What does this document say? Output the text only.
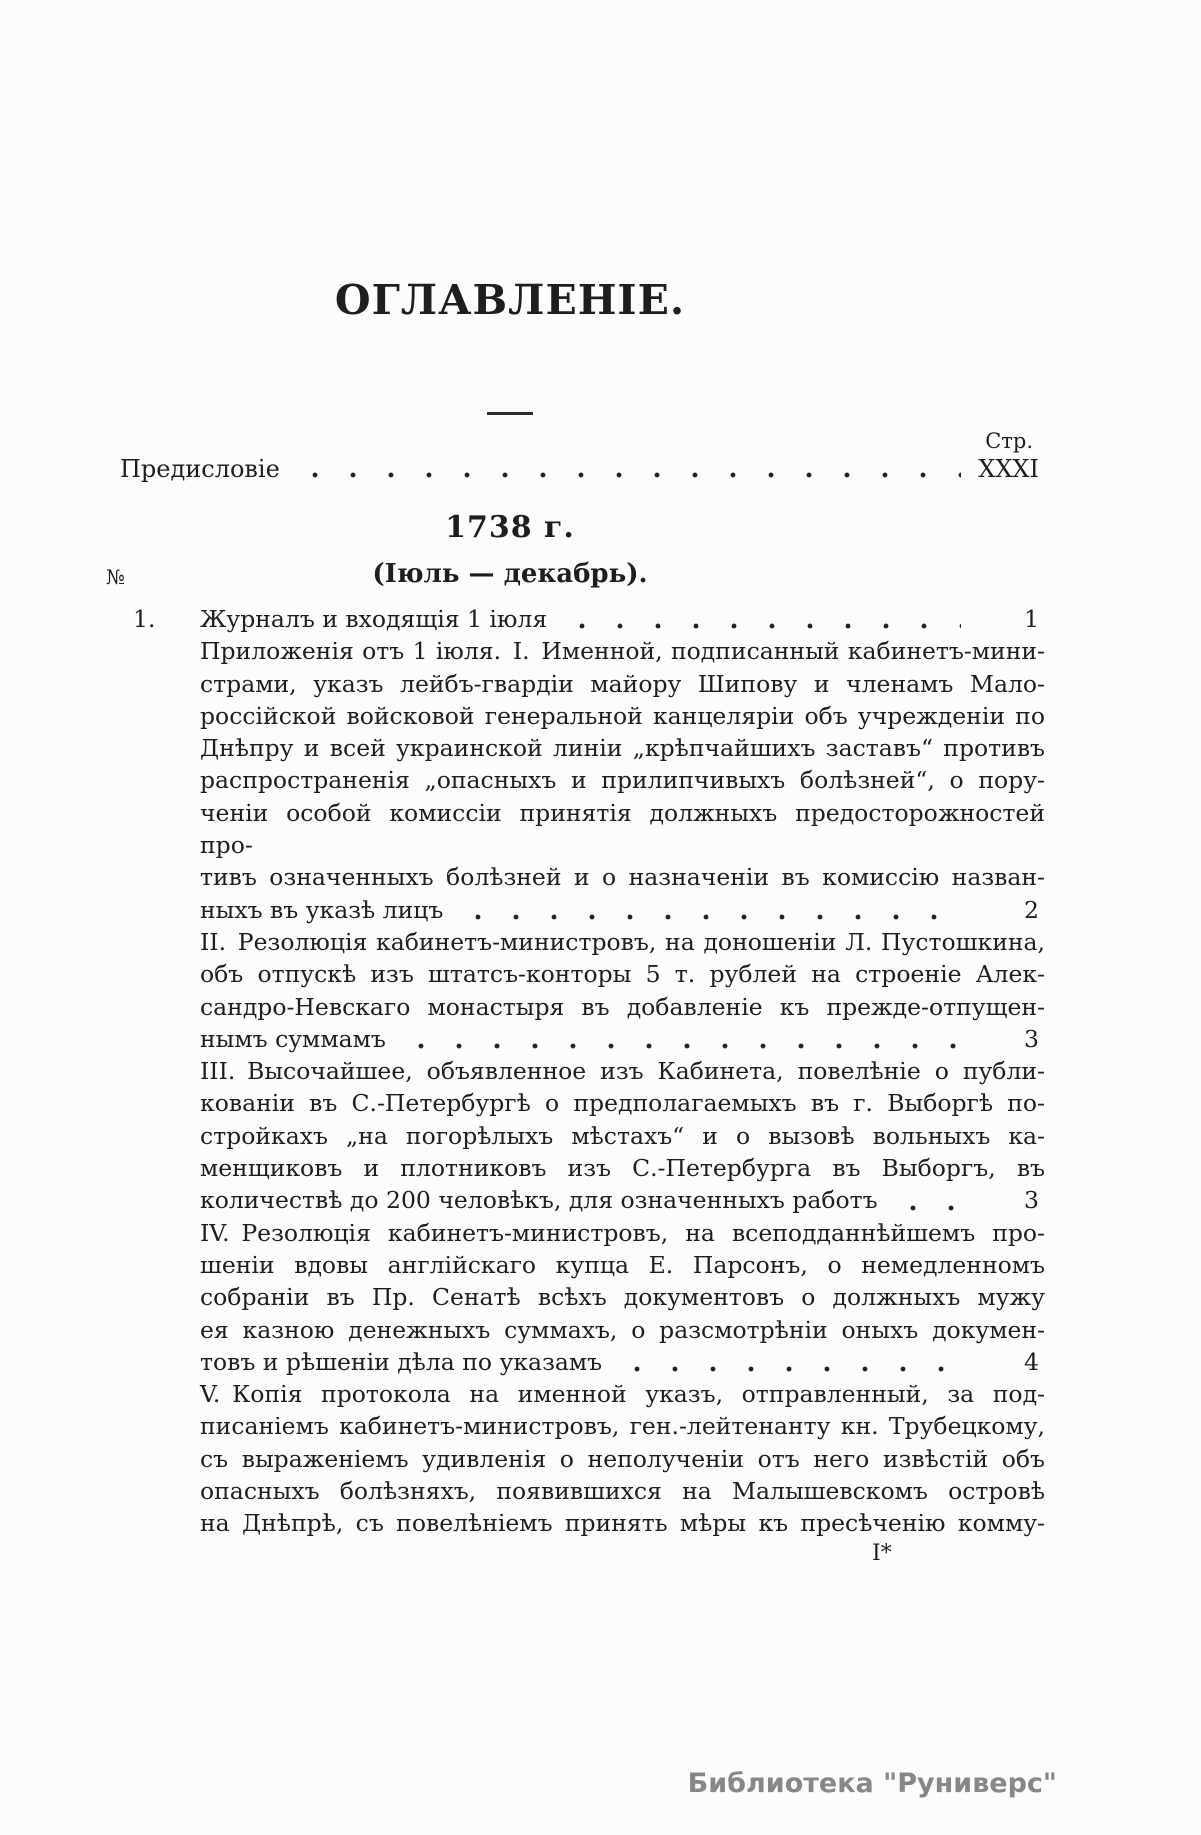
ОГЛАВЛЕНІЕ.
Стр.
Предисловіе	XXXI
1738 г.
№	(Іюль — декабрь).
1.	Журналъ и входящія 1 іюля	1
Приложенія отъ 1 іюля. I. Именной, подписанный кабинетъ-мини-
страми, указъ лейбъ-гвардіи майору Шипову и членамъ Мало-
россійской войсковой генеральной канцеляріи объ учрежденіи по
Днѣпру и всей украинской линіи „крѣпчайшихъ заставъ“ противъ
распространенія „опасныхъ и прилипчивыхъ болѣзней“, о пору-
ченіи особой комиссіи принятія должныхъ предосторожностей про-
тивъ означенныхъ болѣзней и о назначеніи въ комиссію назван-
ныхъ въ указѣ лицъ	2
II. Резолюція кабинетъ-министровъ, на доношеніи Л. Пустошкина,
объ отпускѣ изъ штатсъ-конторы 5 т. рублей на строеніе Алек-
сандро-Невскаго монастыря въ добавленіе къ прежде-отпущен-
нымъ суммамъ	3
III. Высочайшее, объявленное изъ Кабинета, повелѣніе о публи-
кованіи въ С.-Петербургѣ о предполагаемыхъ въ г. Выборгѣ по-
стройкахъ „на погорѣлыхъ мѣстахъ“ и о вызовѣ вольныхъ ка-
менщиковъ и плотниковъ изъ С.-Петербурга въ Выборгъ, въ
количествѣ до 200 человѣкъ, для означенныхъ работъ	3
IV. Резолюція кабинетъ-министровъ, на всеподданнѣйшемъ про-
шеніи вдовы англійскаго купца Е. Парсонъ, о немедленномъ
собраніи въ Пр. Сенатѣ всѣхъ документовъ о должныхъ мужу
ея казною денежныхъ суммахъ, о разсмотрѣніи оныхъ докумен-
товъ и рѣшеніи дѣла по указамъ	4
V. Копія протокола на именной указъ, отправленный, за под-
писаніемъ кабинетъ-министровъ, ген.-лейтенанту кн. Трубецкому,
съ выраженіемъ удивленія о неполученіи отъ него извѣстій объ
опасныхъ болѣзняхъ, появившихся на Малышевскомъ островѣ
на Днѣпрѣ, съ повелѣніемъ принять мѣры къ пресѣченію комму-
I*
Библиотека "Руниверс"
